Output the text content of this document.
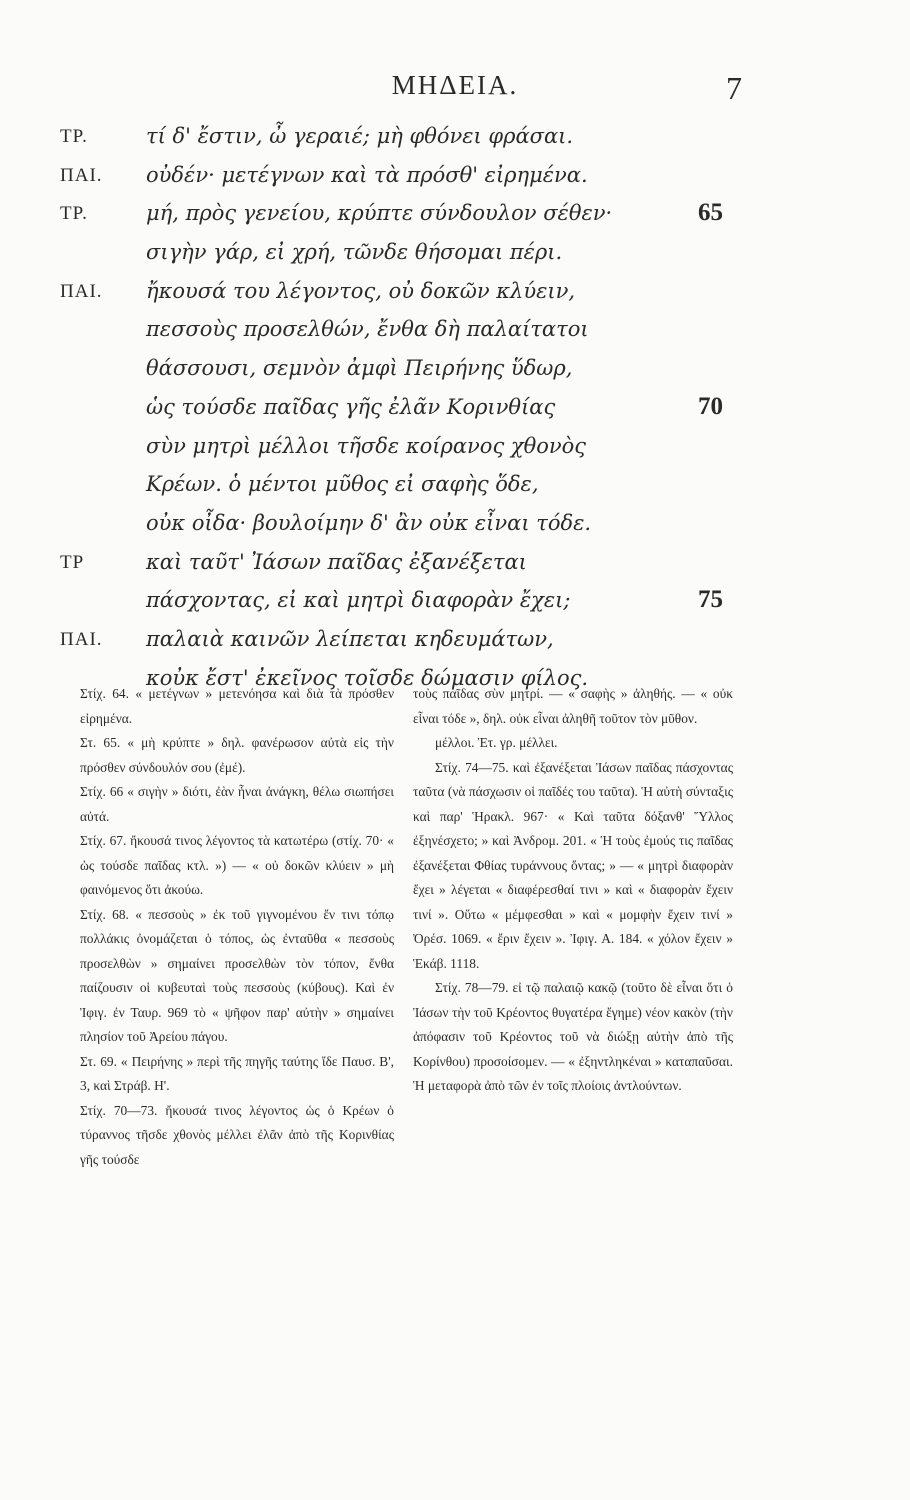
ΜΗΔΕΙΑ.	7
ΤΡ.	τί δ' ἔστιν, ὦ γεραιέ; μὴ φθόνει φράσαι.
ΠΑΙ. οὐδέν· μετέγνων καὶ τὰ πρόσθ' εἰρημένα.
ΤΡ.	μή, πρὸς γενείου, κρύπτε σύνδουλον σέθεν·	65
σιγὴν γάρ, εἰ χρή, τῶνδε θήσομαι πέρι.
ΠΑΙ. ἤκουσά του λέγοντος, οὐ δοκῶν κλύειν,
πεσσοὺς προσελθών, ἔνθα δὴ παλαίτατοι
θάσσουσι, σεμνὸν ἀμφὶ Πειρήνης ὕδωρ,
ὡς τούσδε παῖδας γῆς ἐλᾶν Κορινθίας	70
σὺν μητρὶ μέλλοι τῆσδε κοίρανος χθονὸς
Κρέων. ὁ μέντοι μῦθος εἰ σαφὴς ὅδε,
οὐκ οἶδα· βουλοίμην δ' ἂν οὐκ εἶναι τόδε.
ΤΡ	καὶ ταῦτ' Ἰάσων παῖδας ἐξανέξεται
πάσχοντας, εἰ καὶ μητρὶ διαφορὰν ἔχει;	75
ΠΑΙ. παλαιὰ καινῶν λείπεται κηδευμάτων,
κοὐκ ἔστ' ἐκεῖνος τοῖσδε δώμασιν φίλος.

Στίχ. 64. « μετέγνων » μετενόησα καὶ διὰ τὰ πρόσθεν εἰρημένα.

Στ. 65. « μὴ κρύπτε » δηλ. φανέρωσον αὐτὰ εἰς τὴν πρόσθεν σύνδουλόν σου (ἐμέ).

Στίχ. 66 « σιγὴν » διότι, ἐὰν ἦναι ἀνάγκη, θέλω σιωπήσει αὐτά.

Στίχ. 67. ἤκουσά τινος λέγοντος τὰ κατωτέρω (στίχ. 70· « ὡς τούσδε παῖδας κτλ. ») — « οὐ δοκῶν κλύειν » μὴ φαινόμενος ὅτι ἀκούω.

Στίχ. 68. « πεσσοὺς » ἐκ τοῦ γιγνομένου ἔν τινι τόπῳ πολλάκις ὀνομάζεται ὁ τόπος, ὡς ἐνταῦθα « πεσσοὺς προσελθὼν » σημαίνει προσελθὼν τὸν τόπον, ἔνθα παίζουσιν οἱ κυβευταὶ τοὺς πεσσοὺς (κύβους). Καὶ ἐν Ἰφιγ. ἐν Ταυρ. 969 τὸ « ψῆφον παρ' αὐτὴν » σημαίνει πλησίον τοῦ Ἀρείου πάγου.

Στ. 69. « Πειρήνης » περὶ τῆς πηγῆς ταύτης ἴδε Παυσ. Β', 3, καὶ Στράβ. Η'.

Στίχ. 70—73. ἤκουσά τινος λέγοντος ὡς ὁ Κρέων ὁ τύραννος τῆσδε χθονὸς μέλλει ἐλᾶν ἀπὸ τῆς Κορινθίας γῆς τούσδε

τοὺς παῖδας σὺν μητρί. — « σαφὴς » ἀληθής. — « οὐκ εἶναι τόδε », δηλ. οὐκ εἶναι ἀληθῆ τοῦτον τὸν μῦθον.

μέλλοι. Ἐτ. γρ. μέλλει.

Στίχ. 74—75. καὶ ἐξανέξεται Ἰάσων παῖδας πάσχοντας ταῦτα (νὰ πάσχωσιν οἱ παῖδές του ταῦτα). Ἡ αὐτὴ σύνταξις καὶ παρ' Ἡρακλ. 967· « Καὶ ταῦτα δόξανθ' Ὕλλος ἐξηνέσχετο; » καὶ Ἀνδρομ. 201. « Ἡ τοὺς ἐμούς τις παῖδας ἐξανέξεται Φθίας τυράννους ὄντας; » — « μητρὶ διαφορὰν ἔχει » λέγεται « διαφέρεσθαί τινι » καὶ « διαφορὰν ἔχειν τινί ». Οὕτω « μέμφεσθαι » καὶ « μομφὴν ἔχειν τινί » Ὀρέσ. 1069. « ἔριν ἔχειν ». Ἰφιγ. Α. 184. « χόλον ἔχειν » Ἑκάβ. 1118.

Στίχ. 78—79. εἰ τῷ παλαιῷ κακῷ (τοῦτο δὲ εἶναι ὅτι ὁ Ἰάσων τὴν τοῦ Κρέοντος θυγατέρα ἔγημε) νέον κακὸν (τὴν ἀπόφασιν τοῦ Κρέοντος τοῦ νὰ διώξῃ αὐτὴν ἀπὸ τῆς Κορίνθου) προσοίσομεν. — « ἐξηντληκέναι » καταπαῦσαι. Ἡ μεταφορὰ ἀπὸ τῶν ἐν τοῖς πλοίοις ἀντλούντων.
